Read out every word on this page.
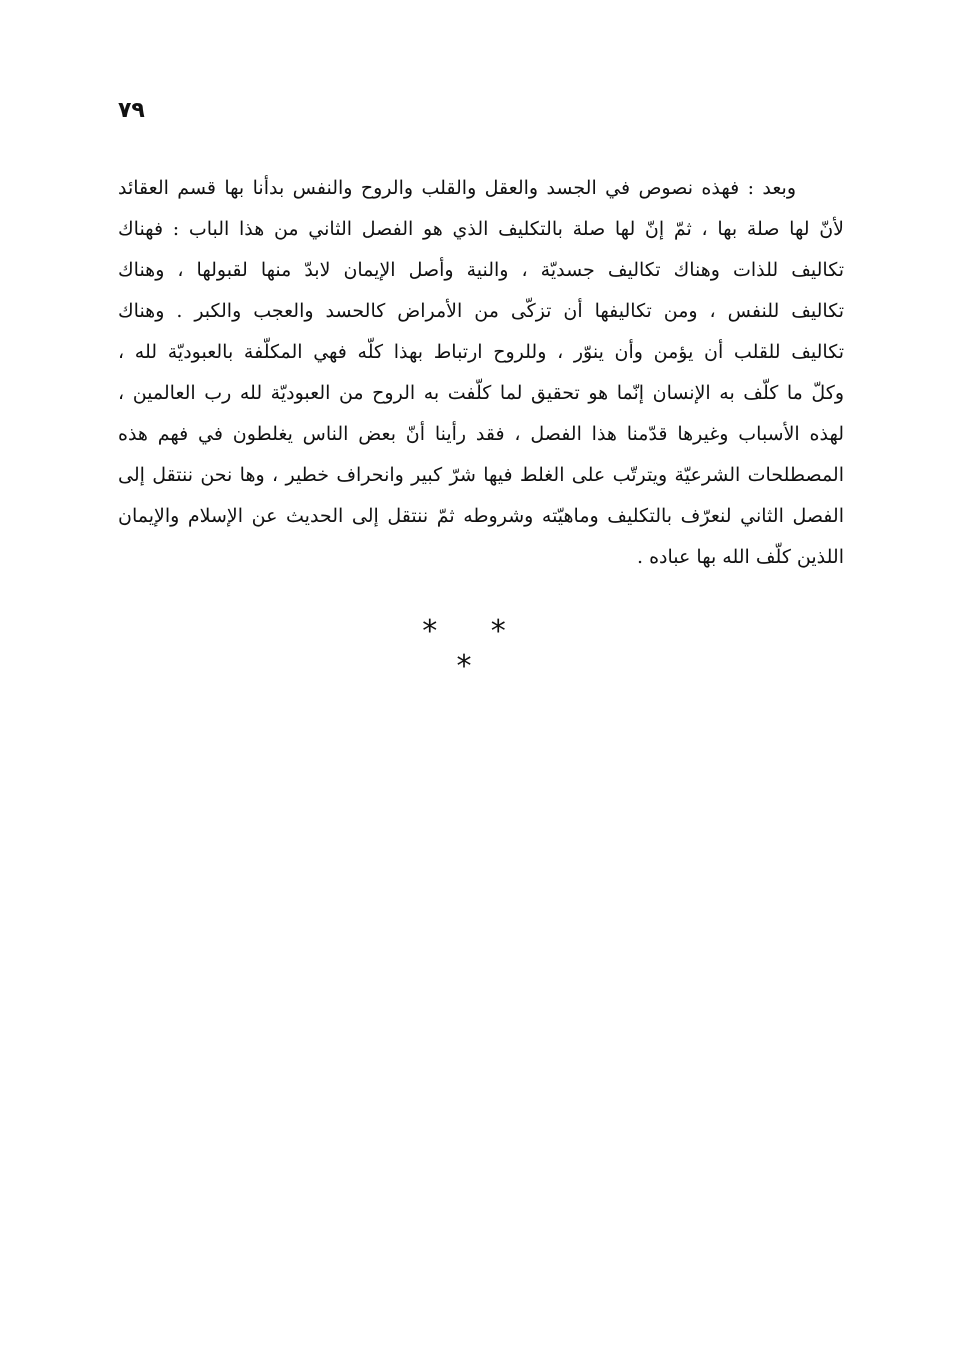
٧٩
وبعد : فهذه نصوص في الجسد والعقل والقلب والروح والنفس بدأنا بها قسم العقائد
لأنّ لها صلة بها ، ثمّ إنّ لها صلة بالتكليف الذي هو الفصل الثاني من هذا الباب : فهناك
تكاليف للذات وهناك تكاليف جسديّة ، والنية وأصل الإيمان لابدّ منها لقبولها ، وهناك
تكاليف للنفس ، ومن تكاليفها أن تزكّى من الأمراض كالحسد والعجب والكبر . وهناك
تكاليف للقلب أن يؤمن وأن ينوّر ، وللروح ارتباط بهذا كلّه فهي المكلّفة بالعبوديّة لله ،
وكلّ ما كلّف به الإنسان إنّما هو تحقيق لما كلّفت به الروح من العبوديّة لله رب العالمين ،
لهذه الأسباب وغيرها قدّمنا هذا الفصل ، فقد رأينا أنّ بعض الناس يغلطون في فهم هذه
المصطلحات الشرعيّة ويترتّب على الغلط فيها شرّ كبير وانحراف خطير ، وها نحن ننتقل إلى
الفصل الثاني لنعرّف بالتكليف وماهيّته وشروطه ثمّ ننتقل إلى الحديث عن الإسلام والإيمان
اللذين كلّف الله بها عباده .
* * *
